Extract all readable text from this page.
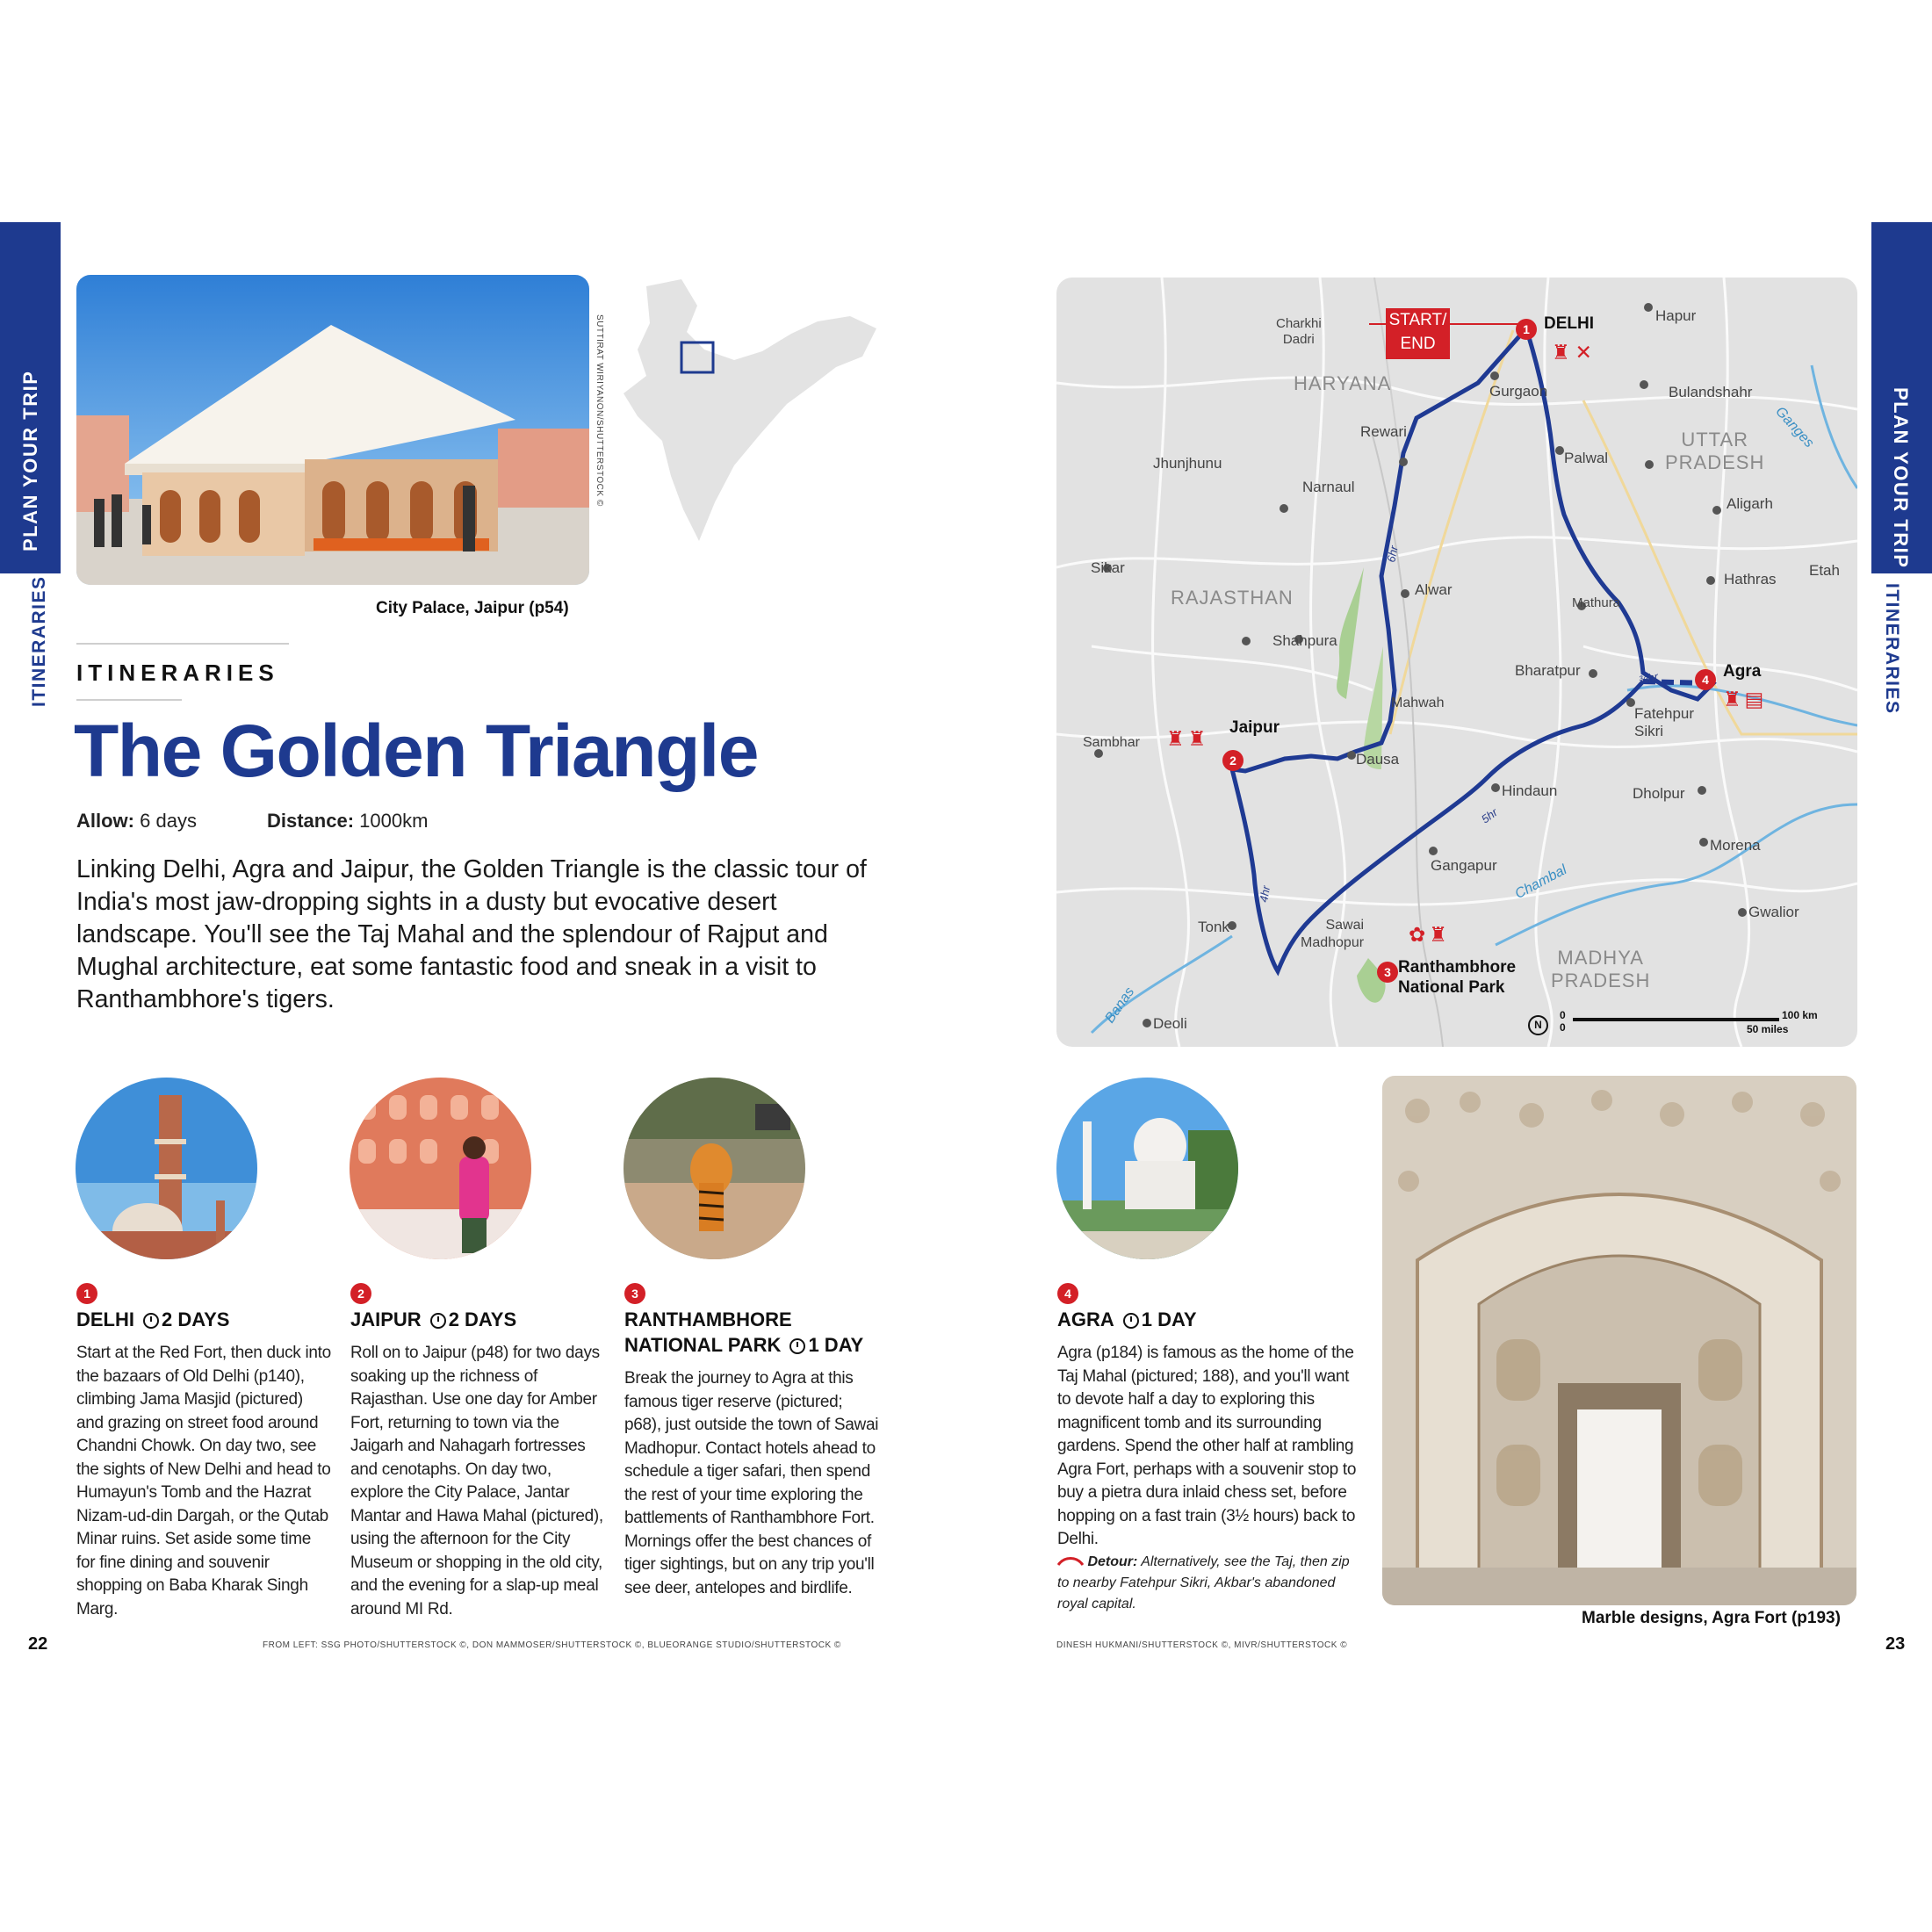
PLAN YOUR TRIP
ITINERARIES
PLAN YOUR TRIP
ITINERARIES
SUTTIRAT WIRIYANON/SHUTTERSTOCK ©
City Palace, Jaipur (p54)
ITINERARIES
The Golden Triangle
Allow: 6 days	Distance: 1000km
Linking Delhi, Agra and Jaipur, the Golden Triangle is the classic tour of India's most jaw-dropping sights in a dusty but evocative desert landscape. You'll see the Taj Mahal and the splendour of Rajput and Mughal architecture, eat some fantastic food and sneak in a visit to Ranthambhore's tigers.
1
DELHI 2 DAYS
Start at the Red Fort, then duck into the bazaars of Old Delhi (p140), climbing Jama Masjid (pictured) and grazing on street food around Chandni Chowk. On day two, see the sights of New Delhi and head to Humayun's Tomb and the Hazrat Nizam-ud-din Dargah, or the Qutab Minar ruins. Set aside some time for fine dining and souvenir shopping on Baba Kharak Singh Marg.
2
JAIPUR 2 DAYS
Roll on to Jaipur (p48) for two days soaking up the richness of Rajasthan. Use one day for Amber Fort, returning to town via the Jaigarh and Nahagarh fortresses and cenotaphs. On day two, explore the City Palace, Jantar Mantar and Hawa Mahal (pictured), using the afternoon for the City Museum or shopping in the old city, and the evening for a slap-up meal around MI Rd.
3
RANTHAMBHORE NATIONAL PARK 1 DAY
Break the journey to Agra at this famous tiger reserve (pictured; p68), just outside the town of Sawai Madhopur. Contact hotels ahead to schedule a tiger safari, then spend the rest of your time exploring the battlements of Ranthambhore Fort. Mornings offer the best chances of tiger sightings, but on any trip you'll see deer, antelopes and birdlife.
4
AGRA 1 DAY
Agra (p184) is famous as the home of the Taj Mahal (pictured; 188), and you'll want to devote half a day to exploring this magnificent tomb and its surrounding gardens. Spend the other half at rambling Agra Fort, perhaps with a souvenir stop to buy a pietra dura inlaid chess set, before hopping on a fast train (3½ hours) back to Delhi.
Detour: Alternatively, see the Taj, then zip to nearby Fatehpur Sikri, Akbar's abandoned royal capital.
22	FROM LEFT: SSG PHOTO/SHUTTERSTOCK ©, DON MAMMOSER/SHUTTERSTOCK ©, BLUEORANGE STUDIO/SHUTTERSTOCK ©	DINESH HUKMANI/SHUTTERSTOCK ©, MIVR/SHUTTERSTOCK ©	23
Marble designs, Agra Fort (p193)
6hr
4hr
5hr
¾hr
START/
END
1
2
3
4
DELHI
Jaipur
Ranthambhore
National Park
Agra
♜✕
♜♜
✿♜
♜▤
Hapur
Charkhi
Dadri
Gurgaon	Bulandshahr
Rewari
Palwal
Jhunjhunu
Narnaul
Aligarh
Sikar
Alwar
Hathras
Etah
Mathura
Shahpura
Bharatpur
Mahwah
Fatehpur
Sikri
Sambhar
Dausa
Hindaun	Dholpur
Gangapur
Morena
Tonk	Sawai
Madhopur
Gwalior
Deoli
HARYANA
UTTAR
PRADESH
RAJASTHAN
MADHYA
PRADESH
Ganges
Chambal
Banas	N
0
0
100 km
50 miles
